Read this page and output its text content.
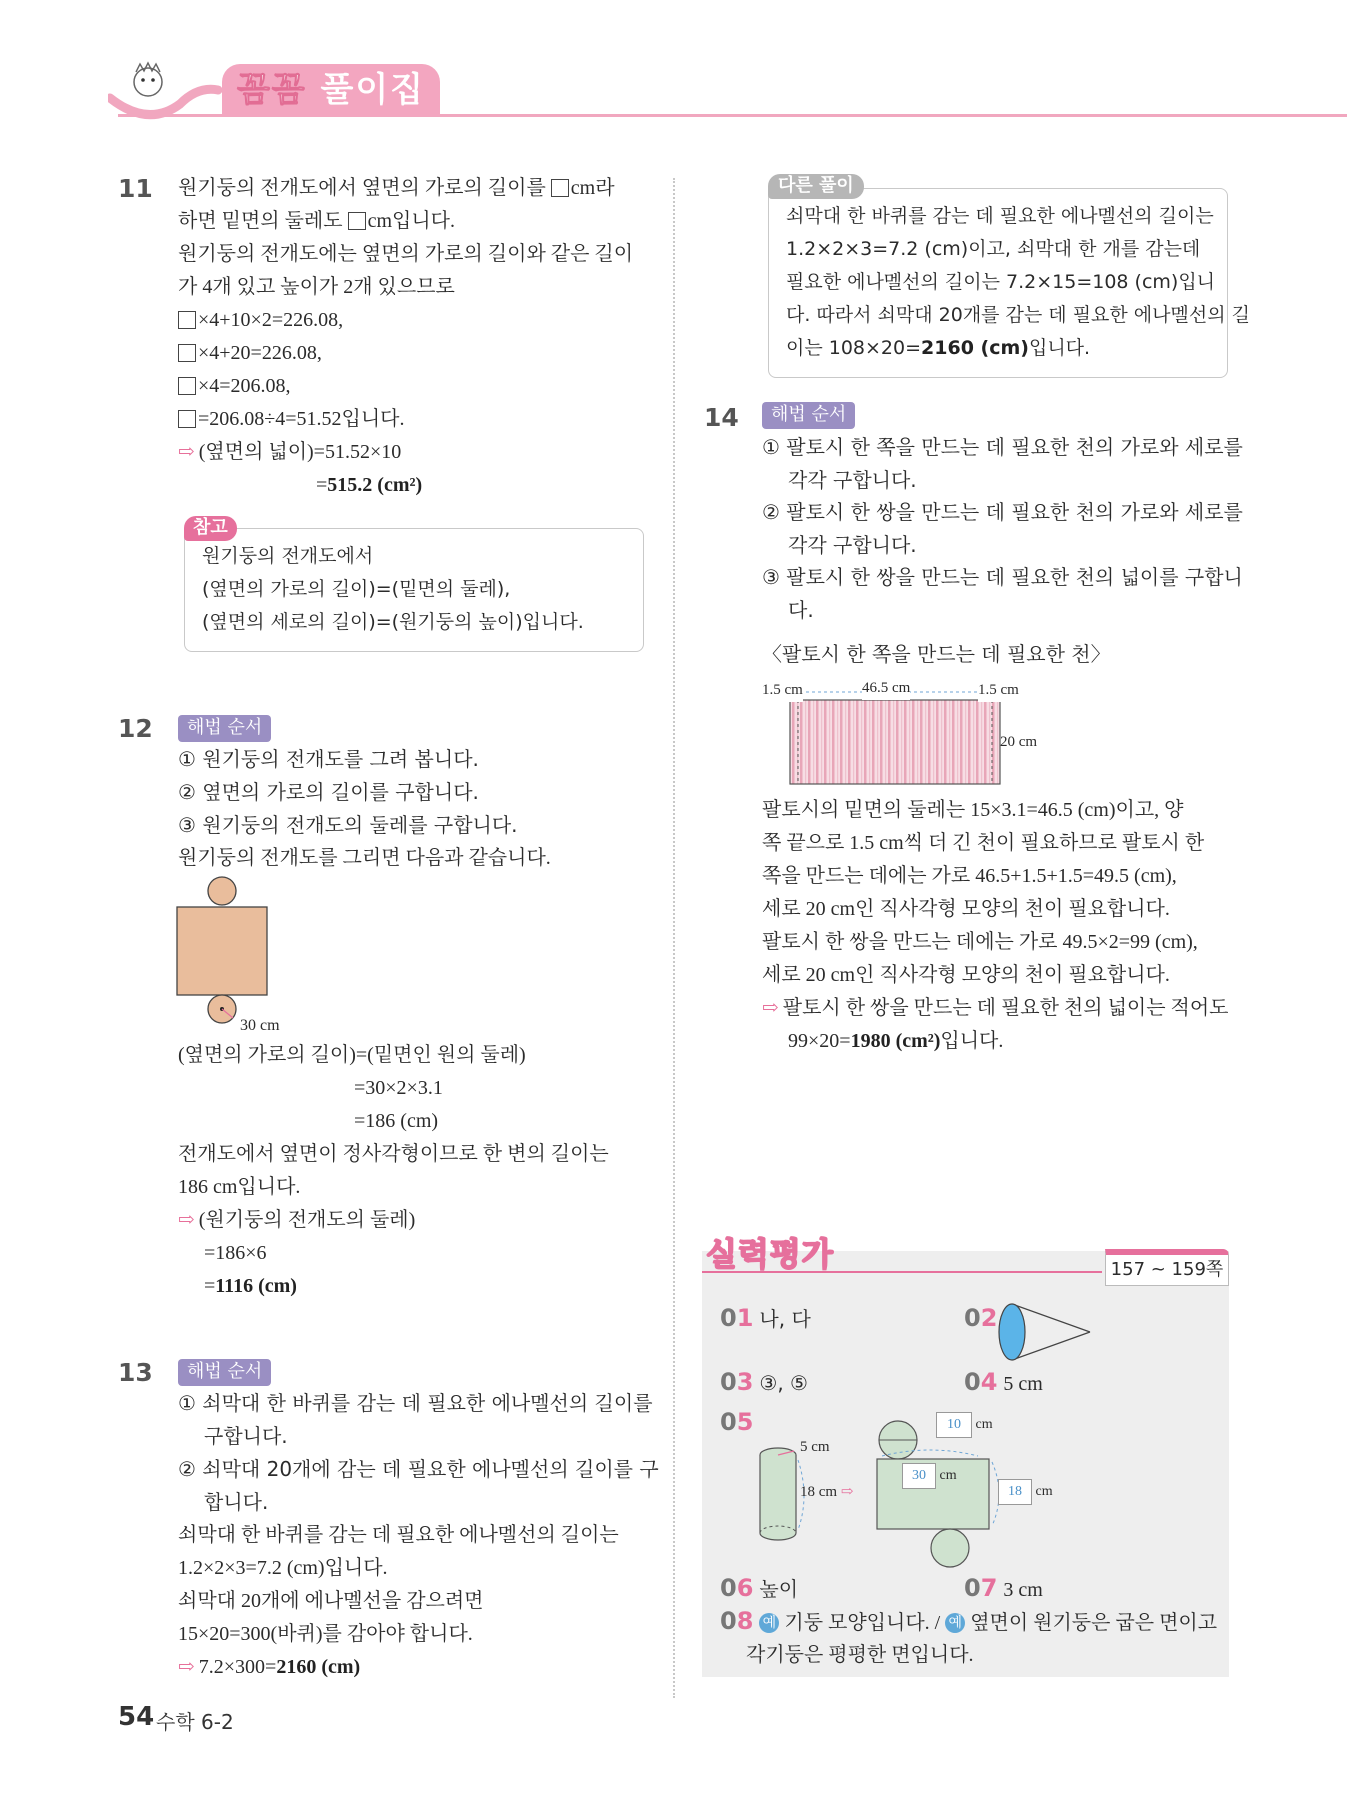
꼼꼼 풀이집
11 원기둥의 전개도에서 옆면의 가로의 길이를 cm라
하면 밑면의 둘레도 cm입니다.
원기둥의 전개도에는 옆면의 가로의 길이와 같은 길이
가 4개 있고 높이가 2개 있으므로
×4+10×2=226.08,
×4+20=226.08,
×4=206.08,
=206.08÷4=51.52입니다.
⇨ (옆면의 넓이)=51.52×10
=515.2 (cm²)
참고
원기둥의 전개도에서
(옆면의 가로의 길이)=(밑면의 둘레),
(옆면의 세로의 길이)=(원기둥의 높이)입니다.
12	해법 순서
① 원기둥의 전개도를 그려 봅니다.
② 옆면의 가로의 길이를 구합니다.
③ 원기둥의 전개도의 둘레를 구합니다.
원기둥의 전개도를 그리면 다음과 같습니다.
30 cm
(옆면의 가로의 길이)=(밑면인 원의 둘레)
=30×2×3.1
=186 (cm)
전개도에서 옆면이 정사각형이므로 한 변의 길이는
186 cm입니다.
⇨ (원기둥의 전개도의 둘레)
=186×6
=1116 (cm)
13	해법 순서
① 쇠막대 한 바퀴를 감는 데 필요한 에나멜선의 길이를
구합니다.
② 쇠막대 20개에 감는 데 필요한 에나멜선의 길이를 구
합니다.
쇠막대 한 바퀴를 감는 데 필요한 에나멜선의 길이는
1.2×2×3=7.2 (cm)입니다.
쇠막대 20개에 에나멜선을 감으려면
15×20=300(바퀴)를 감아야 합니다.
⇨ 7.2×300=2160 (cm)
다른 풀이
쇠막대 한 바퀴를 감는 데 필요한 에나멜선의 길이는
1.2×2×3=7.2 (cm)이고, 쇠막대 한 개를 감는데
필요한 에나멜선의 길이는 7.2×15=108 (cm)입니
다. 따라서 쇠막대 20개를 감는 데 필요한 에나멜선의 길
이는 108×20=2160 (cm)입니다.
14	해법 순서
① 팔토시 한 쪽을 만드는 데 필요한 천의 가로와 세로를
각각 구합니다.
② 팔토시 한 쌍을 만드는 데 필요한 천의 가로와 세로를
각각 구합니다.
③ 팔토시 한 쌍을 만드는 데 필요한 천의 넓이를 구합니
다.
〈팔토시 한 쪽을 만드는 데 필요한 천〉
1.5 cm	46.5 cm	1.5 cm
20 cm
팔토시의 밑면의 둘레는 15×3.1=46.5 (cm)이고, 양
쪽 끝으로 1.5 cm씩 더 긴 천이 필요하므로 팔토시 한
쪽을 만드는 데에는 가로 46.5+1.5+1.5=49.5 (cm),
세로 20 cm인 직사각형 모양의 천이 필요합니다.
팔토시 한 쌍을 만드는 데에는 가로 49.5×2=99 (cm),
세로 20 cm인 직사각형 모양의 천이 필요합니다.
⇨ 팔토시 한 쌍을 만드는 데 필요한 천의 넓이는 적어도
99×20=1980 (cm²)입니다.
실력평가	157 ~ 159쪽
01 나, 다	02
03 ③, ⑤	04 5 cm
05
5 cm
18 cm ⇨
10 cm
30 cm
18 cm
06 높이	07 3 cm
08 예 기둥 모양입니다. / 예 옆면이 원기둥은 굽은 면이고
각기둥은 평평한 면입니다.
54 수학 6-2
